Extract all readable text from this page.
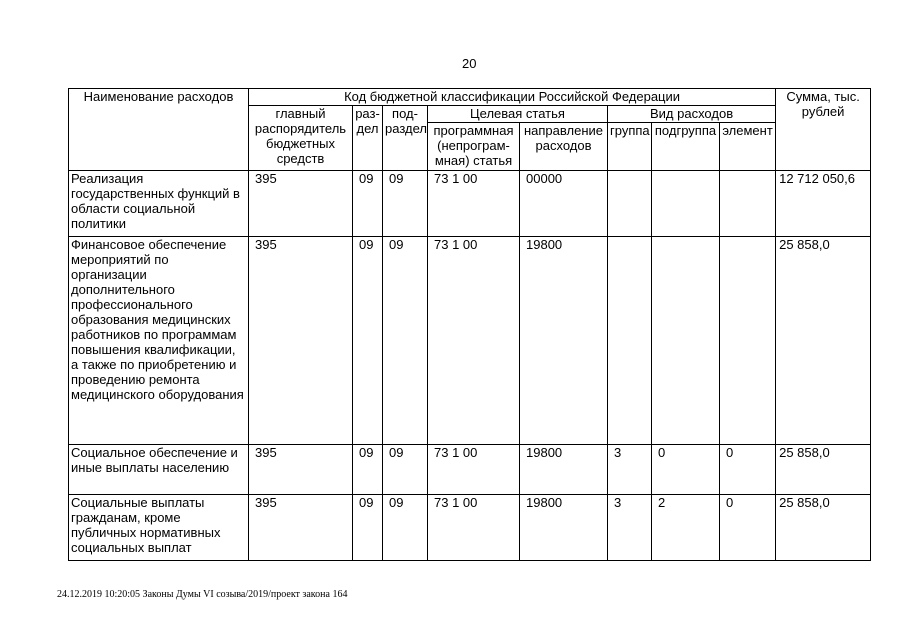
20
Наименование расходов	Код бюджетной классификации Российской Федерации								Сумма, тыс. рублей
	главный распорядитель бюджетных средств	раз- дел	под- раздел	Целевая статья		Вид расходов			
				программная (непрограм- мная) статья	направление расходов	группа	подгруппа	элемент	
Реализация государственных функций в области социальной политики	395	09	09	73 1 00	00000				12 712 050,6
Финансовое обеспечение мероприятий по организации дополнительного профессионального образования медицинских работников по программам повышения квалификации, а также по приобретению и проведению ремонта медицинского оборудования	395	09	09	73 1 00	19800				25 858,0
Социальное обеспечение и иные выплаты населению	395	09	09	73 1 00	19800	3	0	0	25 858,0
Социальные выплаты гражданам, кроме публичных нормативных социальных выплат	395	09	09	73 1 00	19800	3	2	0	25 858,0
24.12.2019 10:20:05 Законы Думы VI созыва/2019/проект закона 164
